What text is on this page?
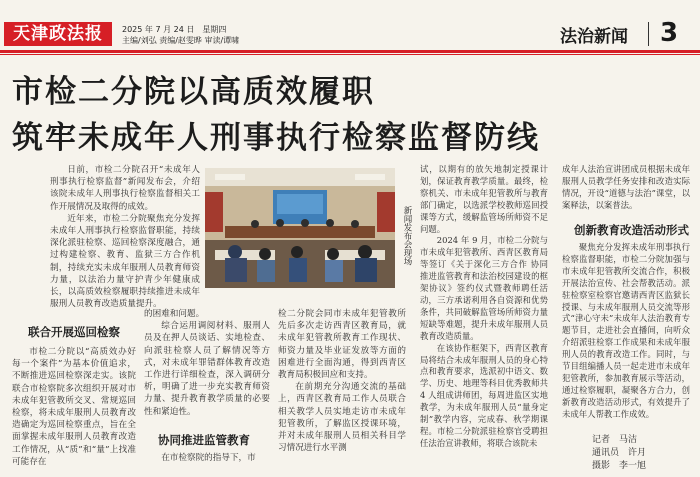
天津政法报	2025 年 7 月 24 日　星期四
主编/刘弘 责编/赵雯晔 审读/谭啸	法治新闻 3
市检二分院以高质效履职
筑牢未成年人刑事执行检察监督防线

日前，市检二分院召开“未成年人刑事执行检察监督”新闻发布会，介绍该院未成年人刑事执行检察监督相关工作开展情况及取得的成效。

近年来，市检二分院聚焦充分发挥未成年人刑事执行检察监督职能，持续深化派驻检察、巡回检察深度融合，通过构建检察、教育、监狱三方合作机制，持续充实未成年服刑人员教育师资力量，以法治力量守护青少年健康成长，以高质效检察履职持续推进未成年服刑人员教育改造质量提升。

新闻发布会现场
联合开展巡回检察

市检二分院以“高质效办好每一个案件”为基本价值追求，不断推进巡回检察深走实。该院联合市检察院多次组织开展对市未成年犯管教所交叉、常规巡回检察，将未成年服刑人员教育改造确定为巡回检察重点，旨在全面掌握未成年服刑人员教育改造工作情况，从“质”和“量”上找准可能存在

的困难和问题。

综合运用调阅材料、服刑人员及在押人员谈话、实地检查、向派驻检察人员了解情况等方式，对未成年罪错群体教育改造工作进行详细检查，深入调研分析，明确了进一步充实教育师资力量、提升教育教学质量的必要性和紧迫性。

协同推进监管教育

在市检察院的指导下，市

检二分院会同市未成年犯管教所先后多次走访西青区教育局，就未成年犯管教所教育工作现状、师资力量及毕业证发放等方面的困难进行全面沟通，得到西青区教育局积极回应和支持。

在前期充分沟通交流的基础上，西青区教育局工作人员联合相关教学人员实地走访市未成年犯管教所，了解监区授课环境，并对未成年服刑人员相关科目学习情况进行水平测

试，以期有的放矢地制定授课计划，保证教育教学质量。最终，检察机关、市未成年犯管教所与教育部门确定，以选派学校教师巡回授课等方式，缓解监管场所师资不足问题。

2024 年 9 月，市检二分院与市未成年犯管教所、西青区教育局等签订《关于深化三方合作 协同推进监管教育和法治校园建设的框架协议》签约仪式暨教师聘任活动，三方承诺利用各自资源和优势条件，共同破解监管场所师资力量短缺等难题，提升未成年服刑人员教育改造质量。

在该协作框架下，西青区教育局将结合未成年服刑人员的身心特点和教育要求，选派初中语文、数学、历史、地理等科目优秀教师共 4 人组成讲师团，每周进监区实地教学，为未成年服刑人员“量身定制”教学内容，完成春、秋学期课程。市检二分院派驻检察官受聘担任法治宣讲教师，将联合该院未

成年人法治宣讲团成员根据未成年服刑人员教学任务安排和改造实际情况，开设“道德与法治”课堂，以案释法，以案普法。

创新教育改造活动形式

聚焦充分发挥未成年刑事执行检察监督职能，市检二分院加强与市未成年犯管教所交流合作，积极开展法治宣传、社会帮教活动。派驻检察室检察官邀请西青区监狱长授课、与未成年服刑人员交流等形式“津心守未”未成年人法治教育专题节目，走进社会直播间，向听众介绍派驻检察工作成果和未成年服刑人员的教育改造工作。同时，与节目组编播人员一起走进市未成年犯管教所，参加教育展示等活动，通过检察履职，凝聚各方合力，创新教育改造活动形式，有效提升了未成年人帮教工作成效。

记者　马洁
通讯员　许月
摄影　李一旭
